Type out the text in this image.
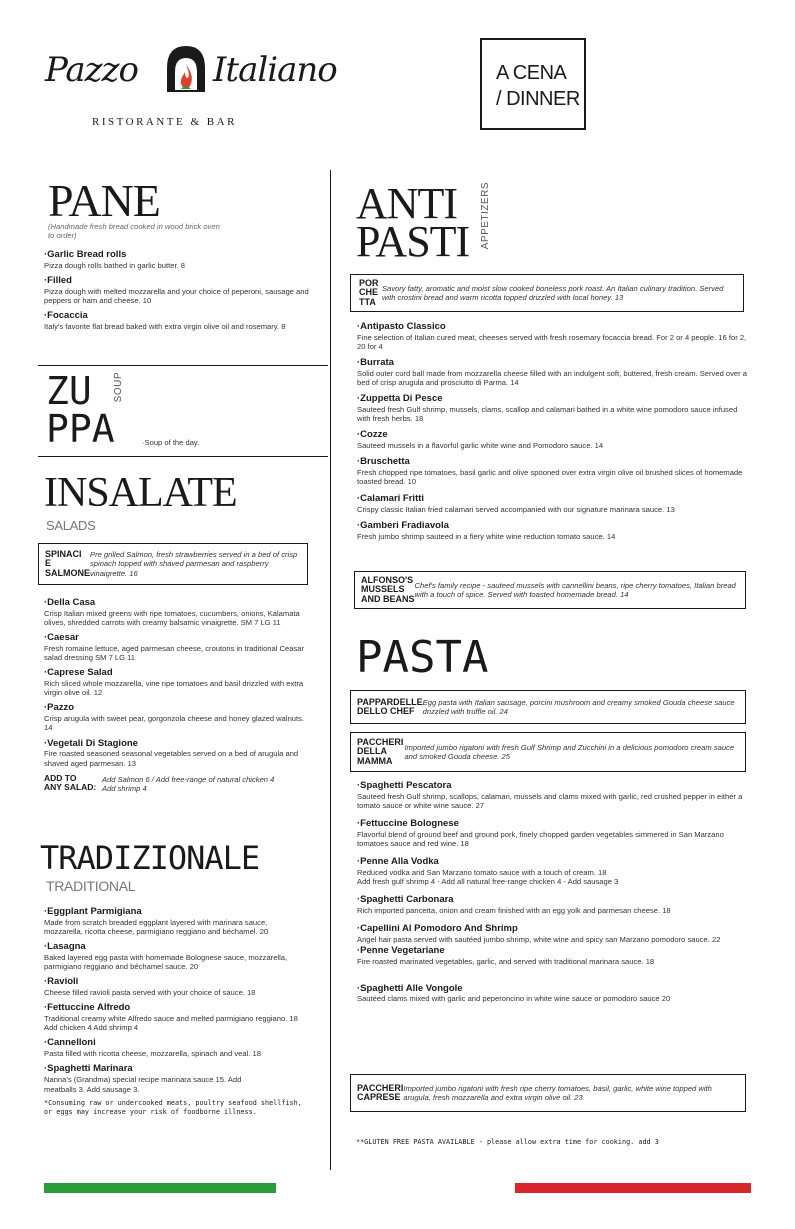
Pazzo Italiano
RISTORANTE & BAR
A CENA
/ DINNER
PANE
(Handmade fresh bread cooked in wood brick oven to order)
·Garlic Bread rolls
Pizza dough rolls bathed in garlic butter. 8
·Filled
Pizza dough with melted mozzarella and your choice of peperoni, sausage and peppers or ham and cheese. 10
·Focaccia
Italy's favorite flat bread baked with extra virgin olive oil and rosemary. 8
ZU
PPA
SOUP
·Soup of the day.
INSALATE
SALADS
SPINACI
E
SALMONE
Pre grilled Salmon, fresh strawberries served in a bed of crisp spinach topped with shaved parmesan and raspberry vinaigrette. 16
·Della Casa
Crisp Italian mixed greens with ripe tomatoes, cucumbers, onions, Kalamata olives, shredded carrots with creamy balsamic vinaigrette. SM 7 LG 11
·Caesar
Fresh romaine lettuce, aged parmesan cheese, croutons in traditional Ceasar salad dressing SM 7 LG 11
·Caprese Salad
Rich sliced whole mozzarella, vine ripe tomatoes and basil drizzled with extra virgin olive oil. 12
·Pazzo
Crisp arugula with sweet pear, gorgonzola cheese and honey glazed walnuts. 14
·Vegetali Di Stagione
Fire roasted seasoned seasonal vegetables served on a bed of arugula and shaved aged parmesan. 13
ADD TO
ANY SALAD:
Add Salmon 6 / Add free-range of natural chicken 4
Add shrimp 4
TRADIZIONALE
TRADITIONAL
·Eggplant Parmigiana
Made from scratch breaded eggplant layered with marinara sauce, mozzarella, ricotta cheese, parmigiano reggiano and béchamel. 20
·Lasagna
Baked layered egg pasta with homemade Bolognese sauce, mozzarella, parmigiano reggiano and béchamel sauce. 20
·Ravioli
Cheese filled ravioli pasta served with your choice of sauce. 18
·Fettuccine Alfredo
Traditional creamy white Alfredo sauce and melted parmigiano reggiano. 18 Add chicken 4 Add shrimp 4
·Cannelloni
Pasta filled with ricotta cheese, mozzarella, spinach and veal. 18
·Spaghetti Marinara
Nanna's (Grandma) special recipe marinara sauce 15. Add meatballs 3. Add sausage 3.
*Consuming raw or undercooked meats, poultry seafood shellfish, or eggs may increase your risk of foodborne illness.
ANTI
PASTI APPETIZERS
POR
CHE
TTA
Savory fatty, aromatic and moist slow cooked boneless pork roast. An Italian culinary tradition. Served with crostini bread and warm ricotta topped drizzled with local honey. 13
·Antipasto Classico
Fine selection of Italian cured meat, cheeses served with fresh rosemary focaccia bread. For 2 or 4 people. 16 for 2, 20 for 4
·Burrata
Solid outer curd ball made from mozzarella cheese filled with an indulgent soft, buttered, fresh cream. Served over a bed of crisp arugula and prosciutto di Parma. 14
·Zuppetta Di Pesce
Sauteed fresh Gulf shrimp, mussels, clams, scallop and calamari bathed in a white wine pomodoro sauce infused with fresh herbs. 18
·Cozze
Sauteed mussels in a flavorful garlic white wine and Pomodoro sauce. 14
·Bruschetta
Fresh chopped ripe tomatoes, basil garlic and olive spooned over extra virgin olive oil brushed slices of homemade toasted bread. 10
·Calamari Fritti
Crispy classic Italian fried calamari served accompanied with our signature marinara sauce. 13
·Gamberi Fradiavola
Fresh jumbo shrimp sauteed in a fiery white wine reduction tomato sauce. 14
ALFONSO'S
MUSSELS
AND BEANS
Chef's family recipe - sauteed mussels with cannellini beans, ripe cherry tomatoes, Italian bread with a touch of spice. Served with toasted homemade bread. 14
PASTA
PAPPARDELLE
DELLO CHEF
Egg pasta with Italian sausage, porcini mushroom and creamy smoked Gouda cheese sauce drizzled with truffle oil. 24
PACCHERI
DELLA
MAMMA
Imported jumbo rigatoni with fresh Gulf Shrimp and Zucchini in a delicious pomodoro cream sauce and smoked Gouda cheese. 25
·Spaghetti Pescatora
Sauteed fresh Gulf shrimp, scallops, calamari, mussels and clams mixed with garlic, red crushed pepper in either a tomato sauce or white wine sauce. 27
·Fettuccine Bolognese
Flavorful blend of ground beef and ground pork, finely chopped garden vegetables simmered in San Marzano tomatoes sauce and red wine. 18
·Penne Alla Vodka
Reduced vodka and San Marzano tomato sauce with a touch of cream. 18
Add fresh gulf shrimp 4 - Add all natural free-range chicken 4 - Add sausage 3
·Spaghetti Carbonara
Rich imported pancetta, onion and cream finished with an egg yolk and parmesan cheese. 18
·Capellini Al Pomodoro And Shrimp
Angel hair pasta served with sautéed jumbo shrimp, white wine and spicy san Marzano pomodoro sauce. 22
·Penne Vegetariane
Fire roasted marinated vegetables, garlic, and served with traditional marinara sauce. 18
·Spaghetti Alle Vongole
Sautéed clams mixed with garlic and peperoncino in white wine sauce or pomodoro sauce 20
PACCHERI
CAPRESE
Imported jumbo rigatoni with fresh ripe cherry tomatoes, basil, garlic, white wine topped with arugula, fresh mozzarella and extra virgin olive oil. 23
**GLUTEN FREE PASTA AVAILABLE - please allow extra time for cooking. add 3
